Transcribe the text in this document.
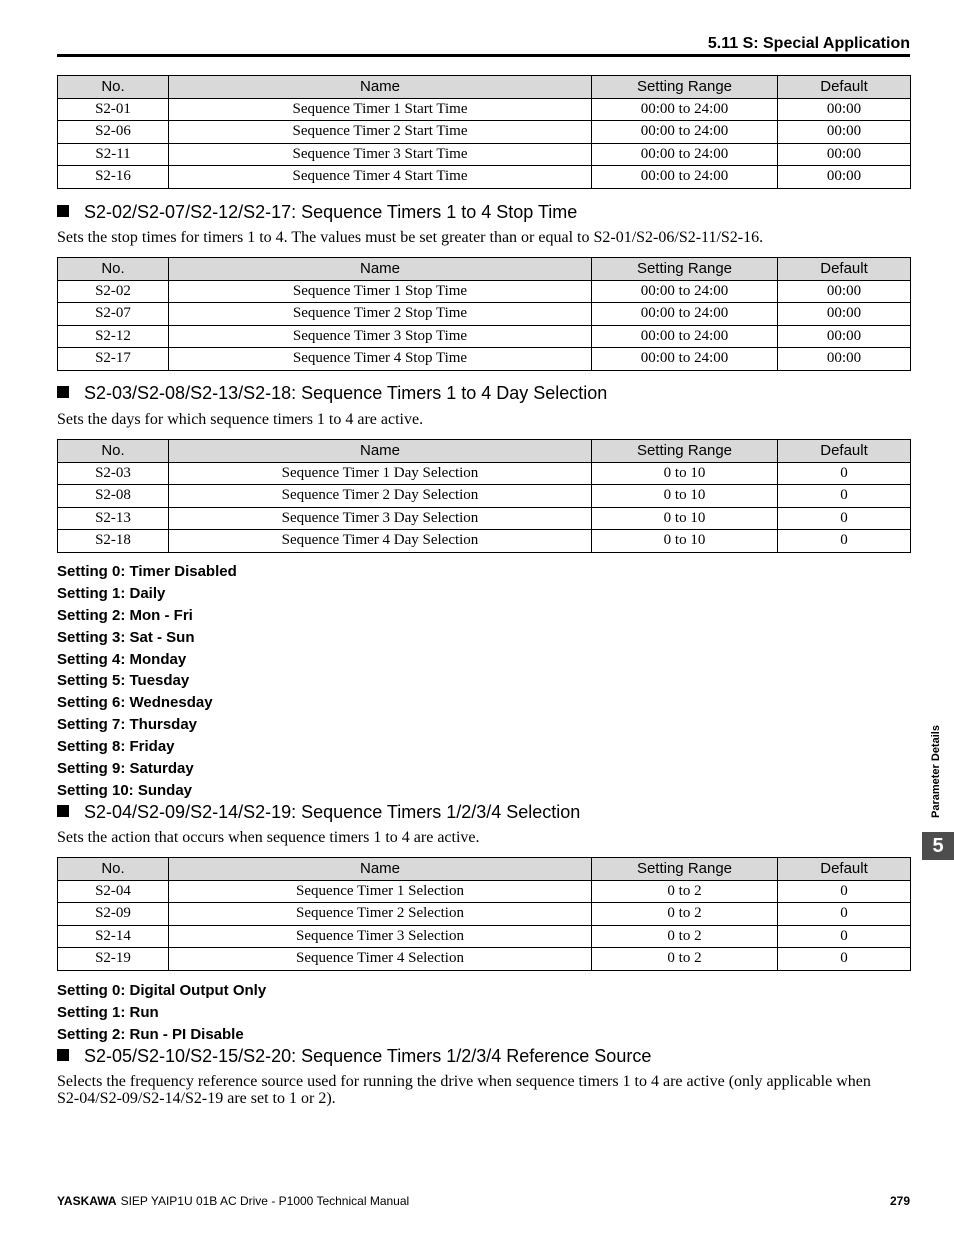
5.11 S: Special Application
No.	Name	Setting Range	Default
S2-01	Sequence Timer 1 Start Time	00:00 to 24:00	00:00
S2-06	Sequence Timer 2 Start Time	00:00 to 24:00	00:00
S2-11	Sequence Timer 3 Start Time	00:00 to 24:00	00:00
S2-16	Sequence Timer 4 Start Time	00:00 to 24:00	00:00
S2-02/S2-07/S2-12/S2-17: Sequence Timers 1 to 4 Stop Time
Sets the stop times for timers 1 to 4. The values must be set greater than or equal to S2-01/S2-06/S2-11/S2-16.
No.	Name	Setting Range	Default
S2-02	Sequence Timer 1 Stop Time	00:00 to 24:00	00:00
S2-07	Sequence Timer 2 Stop Time	00:00 to 24:00	00:00
S2-12	Sequence Timer 3 Stop Time	00:00 to 24:00	00:00
S2-17	Sequence Timer 4 Stop Time	00:00 to 24:00	00:00
S2-03/S2-08/S2-13/S2-18: Sequence Timers 1 to 4 Day Selection
Sets the days for which sequence timers 1 to 4 are active.
No.	Name	Setting Range	Default
S2-03	Sequence Timer 1 Day Selection	0 to 10	0
S2-08	Sequence Timer 2 Day Selection	0 to 10	0
S2-13	Sequence Timer 3 Day Selection	0 to 10	0
S2-18	Sequence Timer 4 Day Selection	0 to 10	0
Setting 0: Timer Disabled
Setting 1: Daily
Setting 2: Mon - Fri
Setting 3: Sat - Sun
Setting 4: Monday
Setting 5: Tuesday
Setting 6: Wednesday
Setting 7: Thursday
Setting 8: Friday
Setting 9: Saturday
Setting 10: Sunday
S2-04/S2-09/S2-14/S2-19: Sequence Timers 1/2/3/4 Selection
Sets the action that occurs when sequence timers 1 to 4 are active.
No.	Name	Setting Range	Default
S2-04	Sequence Timer 1 Selection	0 to 2	0
S2-09	Sequence Timer 2 Selection	0 to 2	0
S2-14	Sequence Timer 3 Selection	0 to 2	0
S2-19	Sequence Timer 4 Selection	0 to 2	0
Setting 0: Digital Output Only
Setting 1: Run
Setting 2: Run - PI Disable
S2-05/S2-10/S2-15/S2-20: Sequence Timers 1/2/3/4 Reference Source
Selects the frequency reference source used for running the drive when sequence timers 1 to 4 are active (only applicable when
S2-04/S2-09/S2-14/S2-19 are set to 1 or 2).
Parameter Details
5
YASKAWA SIEP YAIP1U 01B AC Drive - P1000 Technical Manual	279
